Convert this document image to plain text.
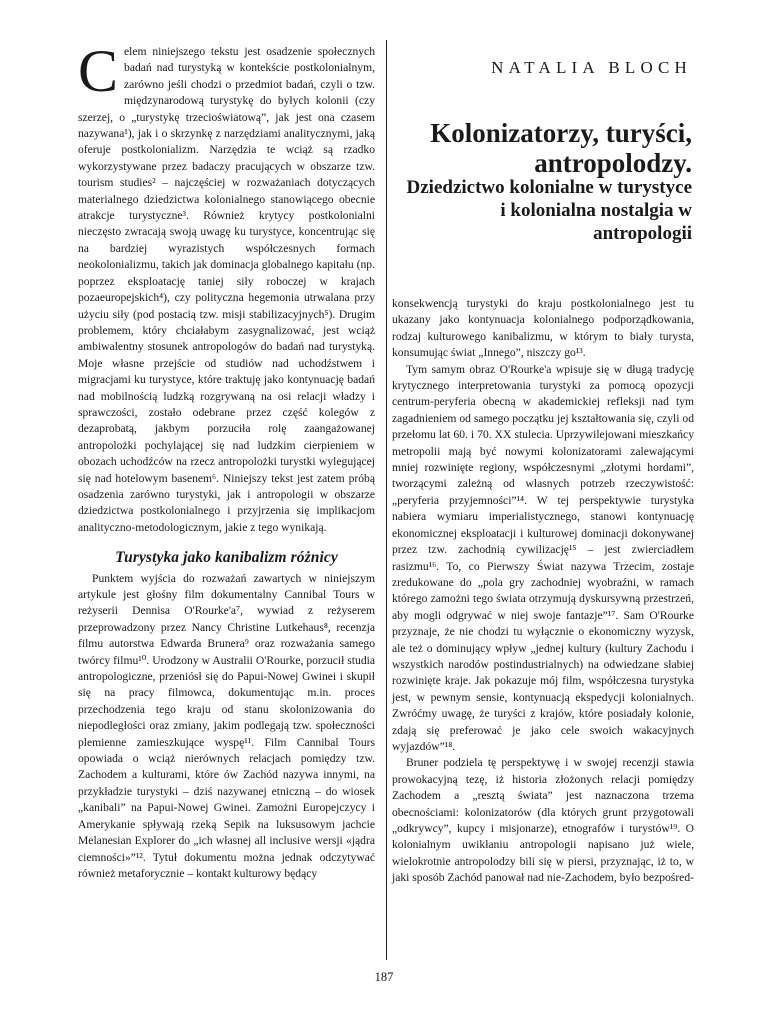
Celem niniejszego tekstu jest osadzenie społecznych badań nad turystyką w kontekście postkolonialnym, zarówno jeśli chodzi o przedmiot badań, czyli o tzw. międzynarodową turystykę do byłych kolonii (czy szerzej, o „turystykę trzecioświatową”, jak jest ona czasem nazywana¹), jak i o skrzynkę z narzędziami analitycznymi, jaką oferuje postkolonializm. Narzędzia te wciąż są rzadko wykorzystywane przez badaczy pracujących w obszarze tzw. tourism studies² – najczęściej w rozważaniach dotyczących materialnego dziedzictwa kolonialnego stanowiącego obecnie atrakcje turystyczne³. Również krytycy postkolonialni nieczęsto zwracają swoją uwagę ku turystyce, koncentrując się na bardziej wyrazistych współczesnych formach neokolonializmu, takich jak dominacja globalnego kapitału (np. poprzez eksploatację taniej siły roboczej w krajach pozaeuropejskich⁴), czy polityczna hegemonia utrwalana przy użyciu siły (pod postacią tzw. misji stabilizacyjnych⁵). Drugim problemem, który chciałabym zasygnalizować, jest wciąż ambiwalentny stosunek antropologów do badań nad turystyką. Moje własne przejście od studiów nad uchodźstwem i migracjami ku turystyce, które traktuję jako kontynuację badań nad mobilnością ludzką rozgrywaną na osi relacji władzy i sprawczości, zostało odebrane przez część kolegów z dezaprobatą, jakbym porzuciła rolę zaangażowanej antropolożki pochylającej się nad ludzkim cierpieniem w obozach uchodźców na rzecz antropolożki turystki wylegującej się nad hotelowym basenem⁶. Niniejszy tekst jest zatem próbą osadzenia zarówno turystyki, jak i antropologii w obszarze dziedzictwa postkolonialnego i przyjrzenia się implikacjom analityczno-metodologicznym, jakie z tego wynikają.

Turystyka jako kanibalizm różnicy

Punktem wyjścia do rozważań zawartych w niniejszym artykule jest głośny film dokumentalny Cannibal Tours w reżyserii Dennisa O'Rourke'a⁷, wywiad z reżyserem przeprowadzony przez Nancy Christine Lutkehaus⁸, recenzja filmu autorstwa Edwarda Brunera⁹ oraz rozważania samego twórcy filmu¹⁰. Urodzony w Australii O'Rourke, porzucił studia antropologiczne, przeniósł się do Papui-Nowej Gwinei i skupił się na pracy filmowca, dokumentując m.in. proces przechodzenia tego kraju od stanu skolonizowania do niepodległości oraz zmiany, jakim podlegają tzw. społeczności plemienne zamieszkujące wyspę¹¹. Film Cannibal Tours opowiada o wciąż nierównych relacjach pomiędzy tzw. Zachodem a kulturami, które ów Zachód nazywa innymi, na przykładzie turystyki – dziś nazywanej etniczną – do wiosek „kanibali” na Papui-Nowej Gwinei. Zamożni Europejczycy i Amerykanie spływają rzeką Sepik na luksusowym jachcie Melanesian Explorer do „ich własnej all inclusive wersji «jądra ciemności»”¹². Tytuł dokumentu można jednak odczytywać również metaforycznie – kontakt kulturowy będący

NATALIA BLOCH
Kolonizatorzy, turyści, antropolodzy.
Dziedzictwo kolonialne w turystyce i kolonialna nostalgia w antropologii

konsekwencją turystyki do kraju postkolonialnego jest tu ukazany jako kontynuacja kolonialnego podporządkowania, rodzaj kulturowego kanibalizmu, w którym to biały turysta, konsumując świat „Innego”, niszczy go¹³.

Tym samym obraz O'Rourke'a wpisuje się w długą tradycję krytycznego interpretowania turystyki za pomocą opozycji centrum-peryferia obecną w akademickiej refleksji nad tym zagadnieniem od samego początku jej kształtowania się, czyli od przełomu lat 60. i 70. XX stulecia. Uprzywilejowani mieszkańcy metropolii mają być nowymi kolonizatorami zalewającymi mniej rozwinięte regiony, współczesnymi „złotymi hordami”, tworzącymi zależną od własnych potrzeb rzeczywistość: „peryferia przyjemności”¹⁴. W tej perspektywie turystyka nabiera wymiaru imperialistycznego, stanowi kontynuację ekonomicznej eksploatacji i kulturowej dominacji dokonywanej przez tzw. zachodnią cywilizację¹⁵ – jest zwierciadłem rasizmu¹⁶. To, co Pierwszy Świat nazywa Trzecim, zostaje zredukowane do „pola gry zachodniej wyobraźni, w ramach którego zamożni tego świata otrzymują dyskursywną przestrzeń, aby mogli odgrywać w niej swoje fantazje”¹⁷. Sam O'Rourke przyznaje, że nie chodzi tu wyłącznie o ekonomiczny wyzysk, ale też o dominujący wpływ „jednej kultury (kultury Zachodu i wszystkich narodów postindustrialnych) na odwiedzane słabiej rozwinięte kraje. Jak pokazuje mój film, współczesna turystyka jest, w pewnym sensie, kontynuacją ekspedycji kolonialnych. Zwróćmy uwagę, że turyści z krajów, które posiadały kolonie, zdają się preferować je jako cele swoich wakacyjnych wyjazdów”¹⁸.

Bruner podziela tę perspektywę i w swojej recenzji stawia prowokacyjną tezę, iż historia złożonych relacji pomiędzy Zachodem a „resztą świata” jest naznaczona trzema obecnościami: kolonizatorów (dla których grunt przygotowali „odkrywcy”, kupcy i misjonarze), etnografów i turystów¹⁹. O kolonialnym uwikłaniu antropologii napisano już wiele, wielokrotnie antropolodzy bili się w piersi, przyznając, iż to, w jaki sposób Zachód panował nad nie-Zachodem, było bezpośred-

187
